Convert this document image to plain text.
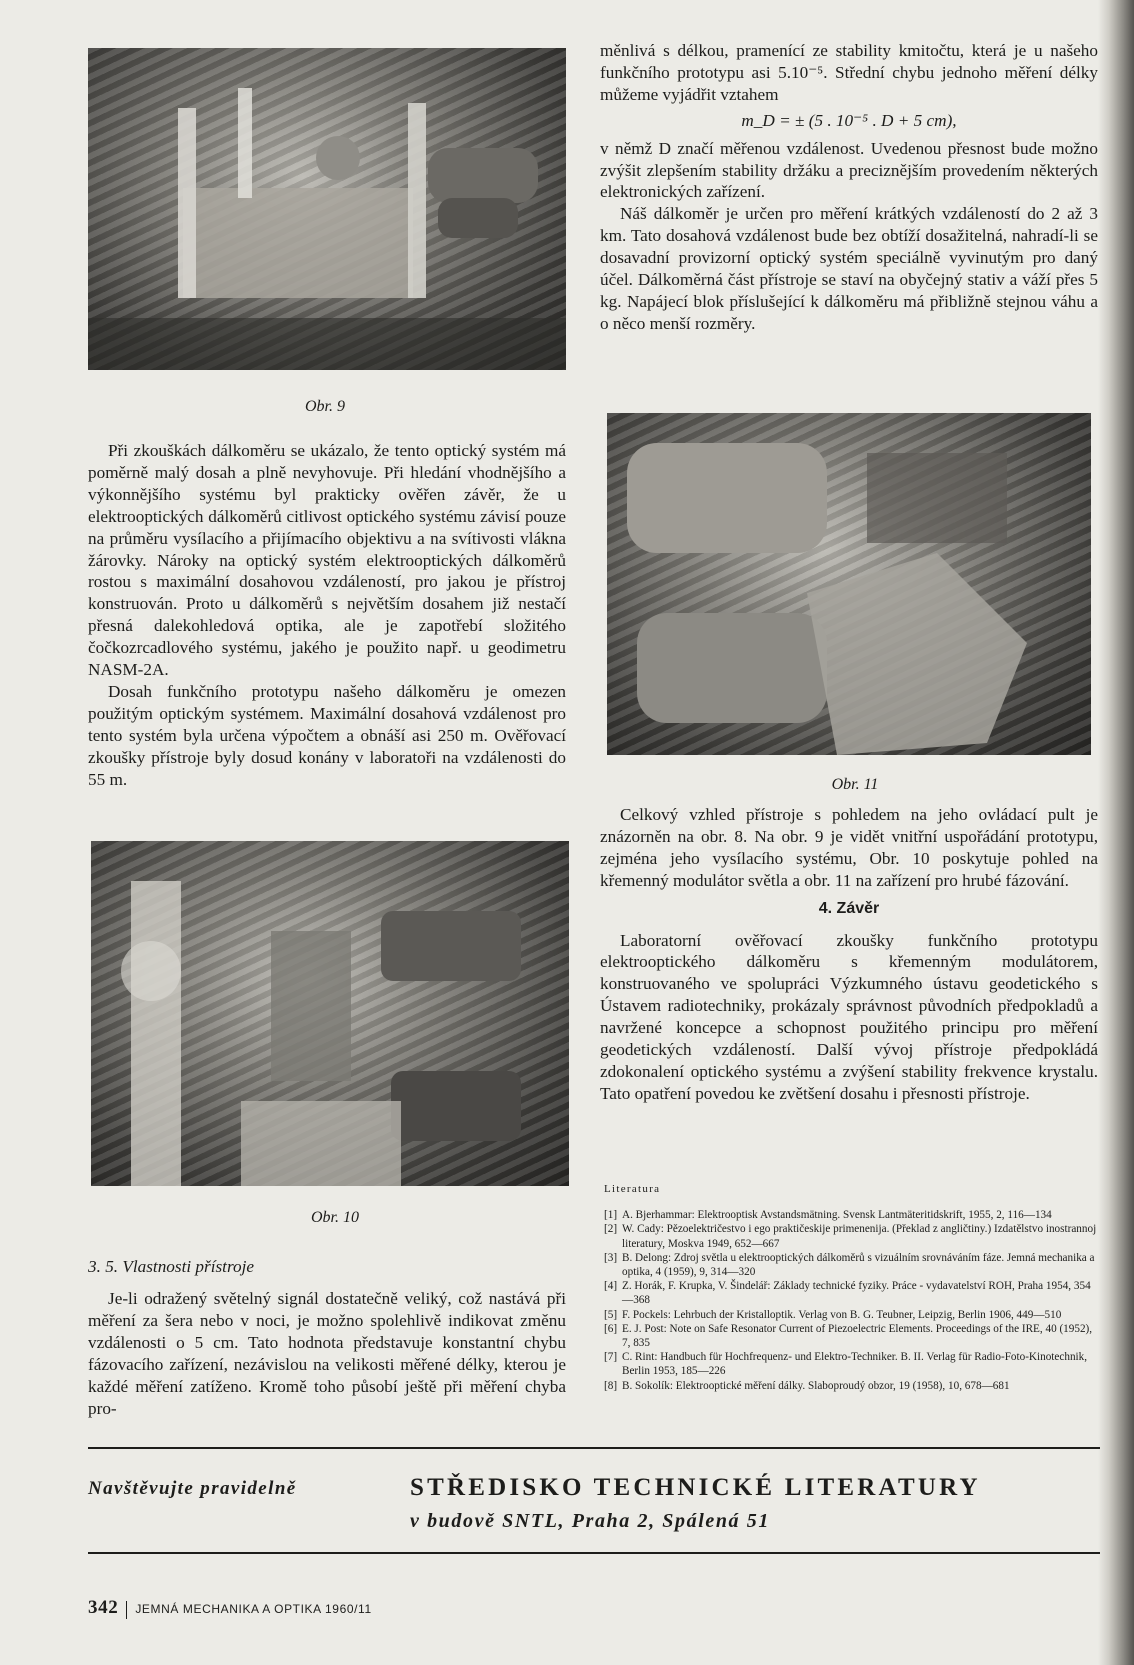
Obr. 9

Při zkouškách dálkoměru se ukázalo, že tento optický systém má poměrně malý dosah a plně nevyhovuje. Při hledání vhodnějšího a výkonnějšího systému byl prakticky ověřen závěr, že u elektrooptických dálkoměrů citlivost optického systému závisí pouze na průměru vysílacího a přijímacího objektivu a na svítivosti vlákna žárovky. Nároky na optický systém elektrooptických dálkoměrů rostou s maximální dosahovou vzdáleností, pro jakou je přístroj konstruován. Proto u dálkoměrů s největším dosahem již nestačí přesná dalekohledová optika, ale je zapotřebí složitého čočkozrcadlového systému, jakého je použito např. u geodimetru NASM-2A.

Dosah funkčního prototypu našeho dálkoměru je omezen použitým optickým systémem. Maximální dosahová vzdálenost pro tento systém byla určena výpočtem a obnáší asi 250 m. Ověřovací zkoušky přístroje byly dosud konány v laboratoři na vzdálenosti do 55 m.

Obr. 10
3. 5. Vlastnosti přístroje

Je-li odražený světelný signál dostatečně veliký, což nastává při měření za šera nebo v noci, je možno spolehlivě indikovat změnu vzdálenosti o 5 cm. Tato hodnota představuje konstantní chybu fázovacího zařízení, nezávislou na velikosti měřené délky, kterou je každé měření zatíženo. Kromě toho působí ještě při měření chyba pro-

měnlivá s délkou, pramenící ze stability kmitočtu, která je u našeho funkčního prototypu asi 5.10⁻⁵. Střední chybu jednoho měření délky můžeme vyjádřit vztahem

m_D = ± (5 . 10⁻⁵ . D + 5 cm),

v němž D značí měřenou vzdálenost. Uvedenou přesnost bude možno zvýšit zlepšením stability držáku a preciznějším provedením některých elektronických zařízení.

Náš dálkoměr je určen pro měření krátkých vzdáleností do 2 až 3 km. Tato dosahová vzdálenost bude bez obtíží dosažitelná, nahradí-li se dosavadní provizorní optický systém speciálně vyvinutým pro daný účel. Dálkoměrná část přístroje se staví na obyčejný stativ a váží přes 5 kg. Napájecí blok příslušející k dálkoměru má přibližně stejnou váhu a o něco menší rozměry.

Obr. 11

Celkový vzhled přístroje s pohledem na jeho ovládací pult je znázorněn na obr. 8. Na obr. 9 je vidět vnitřní uspořádání prototypu, zejména jeho vysílacího systému, Obr. 10 poskytuje pohled na křemenný modulátor světla a obr. 11 na zařízení pro hrubé fázování.

4. Závěr

Laboratorní ověřovací zkoušky funkčního prototypu elektrooptického dálkoměru s křemenným modulátorem, konstruovaného ve spolupráci Výzkumného ústavu geodetického s Ústavem radiotechniky, prokázaly správnost původních předpokladů a navržené koncepce a schopnost použitého principu pro měření geodetických vzdáleností. Další vývoj přístroje předpokládá zdokonalení optického systému a zvýšení stability frekvence krystalu. Tato opatření povedou ke zvětšení dosahu i přesnosti přístroje.

Literatura
[1] A. Bjerhammar: Elektrooptisk Avstandsmätning. Svensk Lantmäteritidskrift, 1955, 2, 116—134
[2] W. Cady: Pězoelektričestvo i ego praktičeskije primenenija. (Překlad z angličtiny.) Izdatělstvo inostrannoj literatury, Moskva 1949, 652—667
[3] B. Delong: Zdroj světla u elektrooptických dálkoměrů s vizuálním srovnáváním fáze. Jemná mechanika a optika, 4 (1959), 9, 314—320
[4] Z. Horák, F. Krupka, V. Šindelář: Základy technické fyziky. Práce - vydavatelství ROH, Praha 1954, 354—368
[5] F. Pockels: Lehrbuch der Kristalloptik. Verlag von B. G. Teubner, Leipzig, Berlin 1906, 449—510
[6] E. J. Post: Note on Safe Resonator Current of Piezoelectric Elements. Proceedings of the IRE, 40 (1952), 7, 835
[7] C. Rint: Handbuch für Hochfrequenz- und Elektro-Techniker. B. II. Verlag für Radio-Foto-Kinotechnik, Berlin 1953, 185—226
[8] B. Sokolík: Elektrooptické měření dálky. Slaboproudý obzor, 19 (1958), 10, 678—681
Navštěvujte pravidelně	STŘEDISKO TECHNICKÉ LITERATURY
v budově SNTL, Praha 2, Spálená 51
342 JEMNÁ MECHANIKA A OPTIKA 1960/11
